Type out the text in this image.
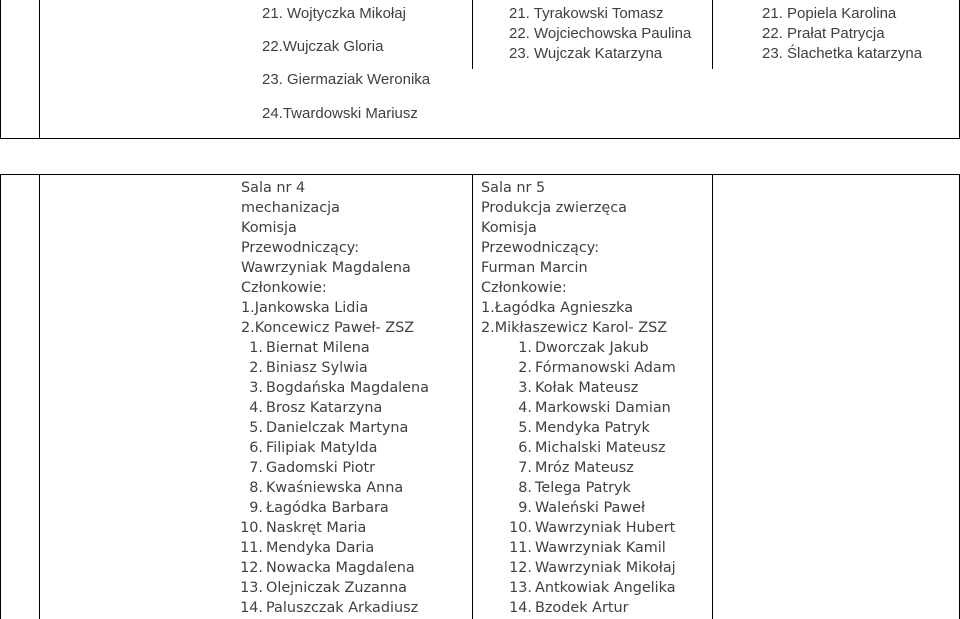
21. Wojtyczka Mikołaj
22.Wujczak Gloria
23. Giermaziak Weronika
24.Twardowski Mariusz
21. Tyrakowski Tomasz
22. Wojciechowska Paulina
23. Wujczak Katarzyna
21. Popiela Karolina
22. Prałat Patrycja
23. Ślachetka katarzyna
Sala nr 4
mechanizacja
Komisja
Przewodniczący:
Wawrzyniak Magdalena
Członkowie:
1.Jankowska Lidia
2.Koncewicz Paweł- ZSZ
1. Biernat Milena
2. Biniasz Sylwia
3. Bogdańska Magdalena
4. Brosz Katarzyna
5. Danielczak Martyna
6. Filipiak Matylda
7. Gadomski Piotr
8. Kwaśniewska Anna
9. Łagódka Barbara
10. Naskręt Maria
11. Mendyka Daria
12. Nowacka Magdalena
13. Olejniczak Zuzanna
14. Paluszczak Arkadiusz
Sala nr 5
Produkcja zwierzęca
Komisja
Przewodniczący:
Furman Marcin
Członkowie:
1.Łagódka Agnieszka
2.Mikłaszewicz Karol- ZSZ
1. Dworczak Jakub
2. Fórmanowski Adam
3. Kołak Mateusz
4. Markowski Damian
5. Mendyka Patryk
6. Michalski Mateusz
7. Mróz Mateusz
8. Telega Patryk
9. Waleński Paweł
10. Wawrzyniak Hubert
11. Wawrzyniak Kamil
12. Wawrzyniak Mikołaj
13. Antkowiak Angelika
14. Bzodek Artur
